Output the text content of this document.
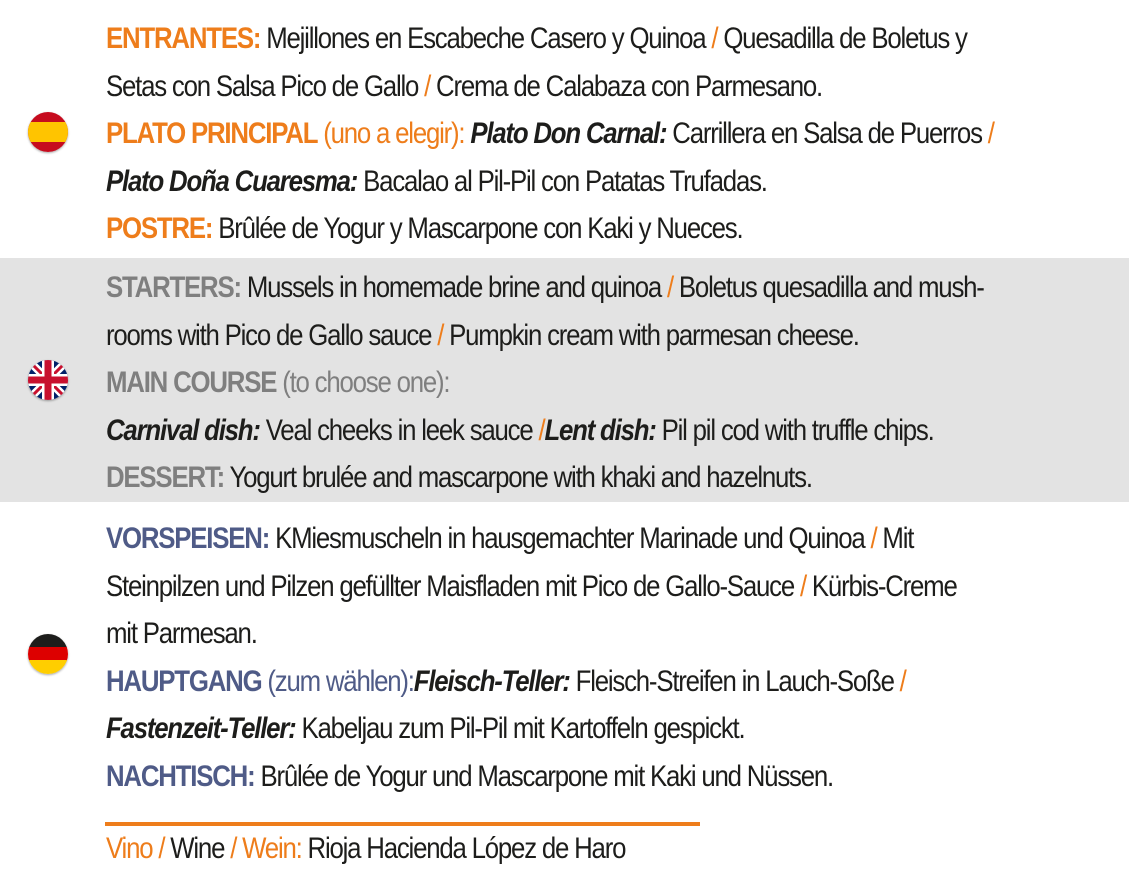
ENTRANTES: Mejillones en Escabeche Casero y Quinoa / Quesadilla de Boletus y
Setas con Salsa Pico de Gallo / Crema de Calabaza con Parmesano.
PLATO PRINCIPAL (uno a elegir): Plato Don Carnal: Carrillera en Salsa de Puerros /
Plato Doña Cuaresma: Bacalao al Pil-Pil con Patatas Trufadas.
POSTRE: Brûlée de Yogur y Mascarpone con Kaki y Nueces.
STARTERS: Mussels in homemade brine and quinoa / Boletus quesadilla and mush-
rooms with Pico de Gallo sauce / Pumpkin cream with parmesan cheese.
MAIN COURSE (to choose one):
Carnival dish: Veal cheeks in leek sauce /Lent dish: Pil pil cod with truffle chips.
DESSERT: Yogurt brulée and mascarpone with khaki and hazelnuts.
VORSPEISEN: KMiesmuscheln in hausgemachter Marinade und Quinoa / Mit
Steinpilzen und Pilzen gefüllter Maisfladen mit Pico de Gallo-Sauce / Kürbis-Creme
mit Parmesan.
HAUPTGANG (zum wählen):Fleisch-Teller: Fleisch-Streifen in Lauch-Soße /
Fastenzeit-Teller: Kabeljau zum Pil-Pil mit Kartoffeln gespickt.
NACHTISCH: Brûlée de Yogur und Mascarpone mit Kaki und Nüssen.
Vino / Wine / Wein: Rioja Hacienda López de Haro
